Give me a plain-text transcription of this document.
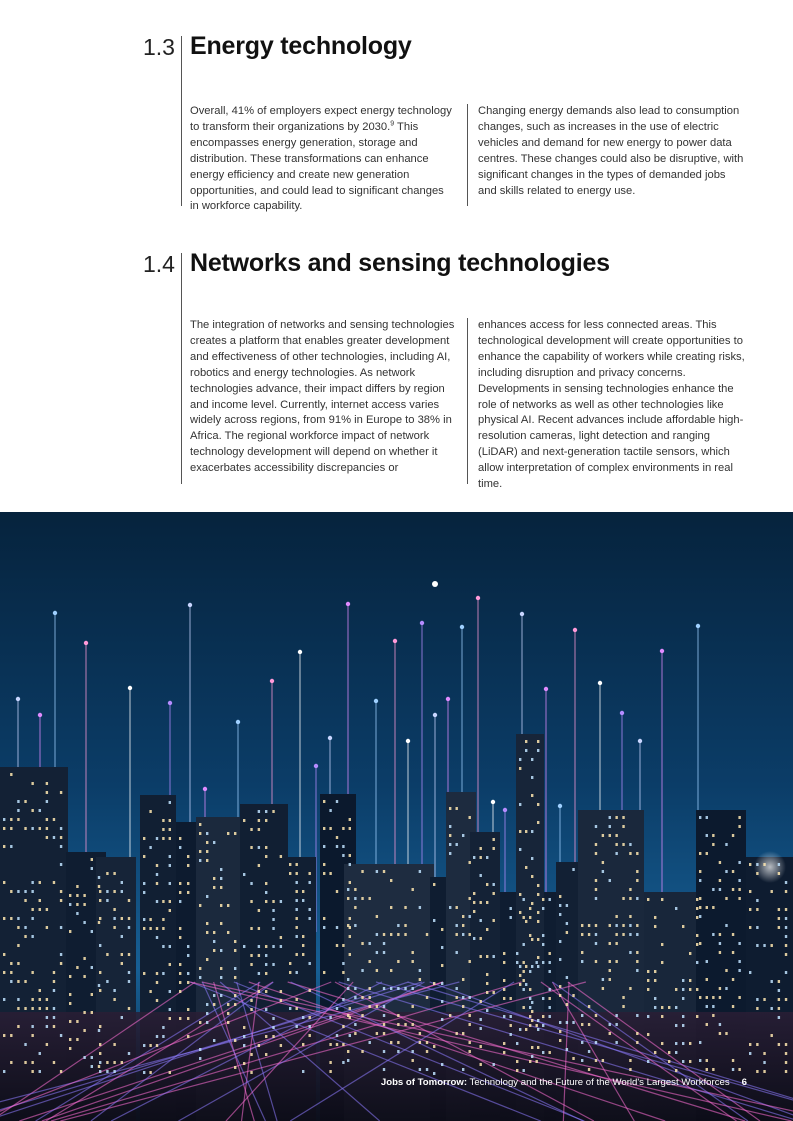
1.3 Energy technology

Overall, 41% of employers expect energy technology to transform their organizations by 2030.$^9$ This encompasses energy generation, storage and distribution. These transformations can enhance energy efficiency and create new generation opportunities, and could lead to significant changes in workforce capability.

Changing energy demands also lead to consumption changes, such as increases in the use of electric vehicles and demand for new energy to power data centres. These changes could also be disruptive, with significant changes in the types of demanded jobs and skills related to energy use.

1.4 Networks and sensing technologies

The integration of networks and sensing technologies creates a platform that enables greater development and effectiveness of other technologies, including AI, robotics and energy technologies. As network technologies advance, their impact differs by region and income level. Currently, internet access varies widely across regions, from 91% in Europe to 38% in Africa. The regional workforce impact of network technology development will depend on whether it exacerbates accessibility discrepancies or

enhances access for less connected areas. This technological development will create opportunities to enhance the capability of workers while creating risks, including disruption and privacy concerns. Developments in sensing technologies enhance the role of networks as well as other technologies like physical AI. Recent advances include affordable high-resolution cameras, light detection and ranging (LiDAR) and next-generation tactile sensors, which allow interpretation of complex environments in real time.

Jobs of Tomorrow: Technology and the Future of the World's Largest Workforces 6
